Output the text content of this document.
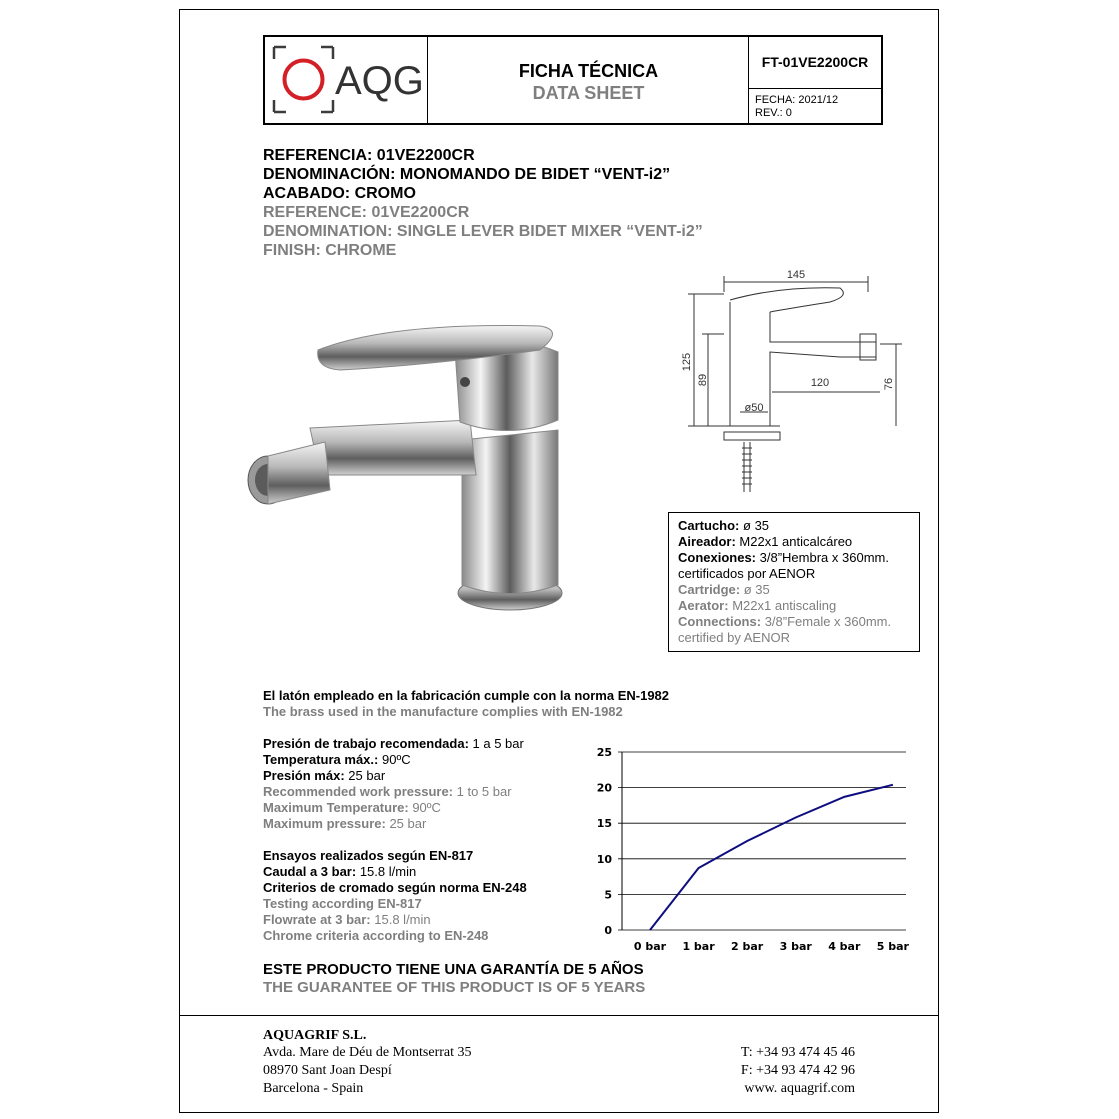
AQG	FICHA TÉCNICA
DATA SHEET
FT-01VE2200CR
FECHA: 2021/12
REV.: 0
REFERENCIA: 01VE2200CR
DENOMINACIÓN: MONOMANDO DE BIDET “VENT-i2”
ACABADO: CROMO
REFERENCE: 01VE2200CR
DENOMINATION: SINGLE LEVER BIDET MIXER “VENT-i2”
FINISH: CHROME
145
125
89	120	76
ø50
Cartucho: ø 35
Aireador: M22x1 anticalcáreo
Conexiones: 3/8”Hembra x 360mm.
certificados por AENOR
Cartridge: ø 35
Aerator: M22x1 antiscaling
Connections: 3/8”Female x 360mm.
certified by AENOR
El latón empleado en la fabricación cumple con la norma EN-1982
The brass used in the manufacture complies with EN-1982
Presión de trabajo recomendada: 1 a 5 bar
Temperatura máx.: 90ºC
Presión máx: 25 bar
Recommended work pressure: 1 to 5 bar
Maximum Temperature: 90ºC
Maximum pressure: 25 bar
Ensayos realizados según EN-817
Caudal a 3 bar: 15.8 l/min
Criterios de cromado según norma EN-248
Testing according EN-817
Flowrate at 3 bar: 15.8 l/min
Chrome criteria according to EN-248	0
5
10
15
20
25
0 bar 1 bar 2 bar 3 bar 4 bar 5 bar
ESTE PRODUCTO TIENE UNA GARANTÍA DE 5 AÑOS
THE GUARANTEE OF THIS PRODUCT IS OF 5 YEARS
AQUAGRIF S.L.
Avda. Mare de Déu de Montserrat 35
08970 Sant Joan Despí
Barcelona - Spain
T: +34 93 474 45 46
F: +34 93 474 42 96
www. aquagrif.com
